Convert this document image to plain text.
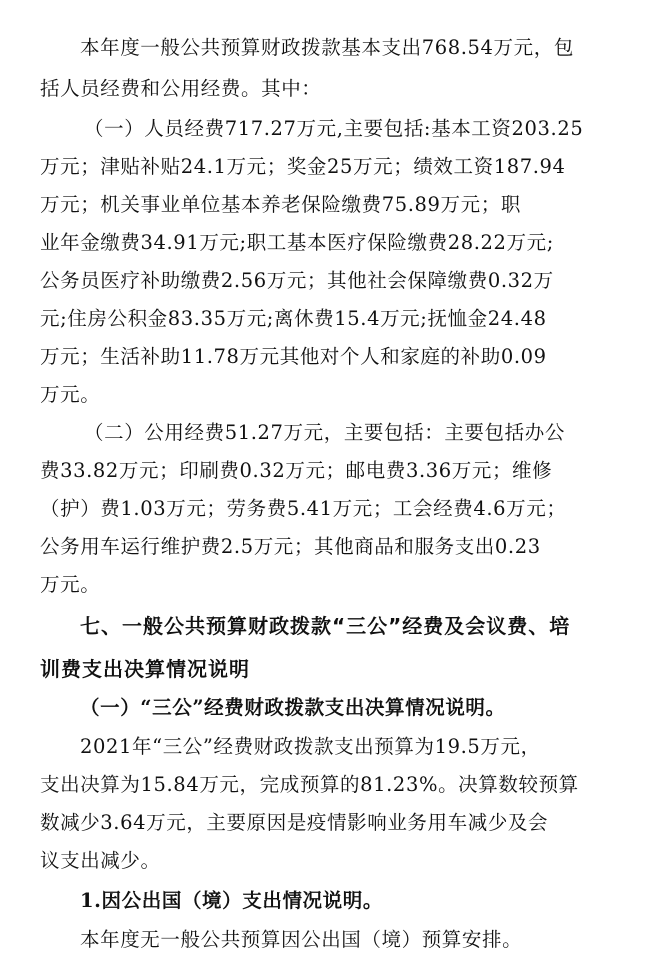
本年度一般公共预算财政拨款基本支出768.54万元，包
括人员经费和公用经费。其中：
（一）人员经费717.27万元,主要包括:基本工资203.25
万元；津贴补贴24.1万元；奖金25万元；绩效工资187.94
万元；机关事业单位基本养老保险缴费75.89万元；职
业年金缴费34.91万元;职工基本医疗保险缴费28.22万元;
公务员医疗补助缴费2.56万元；其他社会保障缴费0.32万
元;住房公积金83.35万元;离休费15.4万元;抚恤金24.48
万元；生活补助11.78万元其他对个人和家庭的补助0.09
万元。
（二）公用经费51.27万元，主要包括：主要包括办公
费33.82万元；印刷费0.32万元；邮电费3.36万元；维修
（护）费1.03万元；劳务费5.41万元；工会经费4.6万元；
公务用车运行维护费2.5万元；其他商品和服务支出0.23
万元。
七、一般公共预算财政拨款“三公”经费及会议费、培
训费支出决算情况说明
（一）“三公”经费财政拨款支出决算情况说明。
2021年“三公”经费财政拨款支出预算为19.5万元，
支出决算为15.84万元，完成预算的81.23%。决算数较预算
数减少3.64万元，主要原因是疫情影响业务用车减少及会
议支出减少。
1.因公出国（境）支出情况说明。
本年度无一般公共预算因公出国（境）预算安排。
